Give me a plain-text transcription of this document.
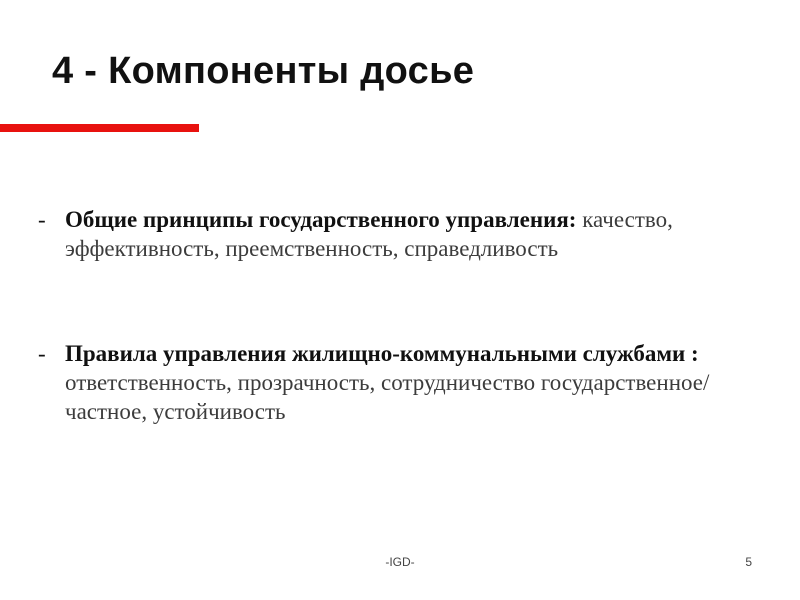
4 - Компоненты досье
- Общие принципы государственного управления: качество, эффективность, преемственность, справедливость
- Правила управления жилищно-коммунальными службами : ответственность, прозрачность, сотрудничество государственное/частное, устойчивость
-IGD-	5
